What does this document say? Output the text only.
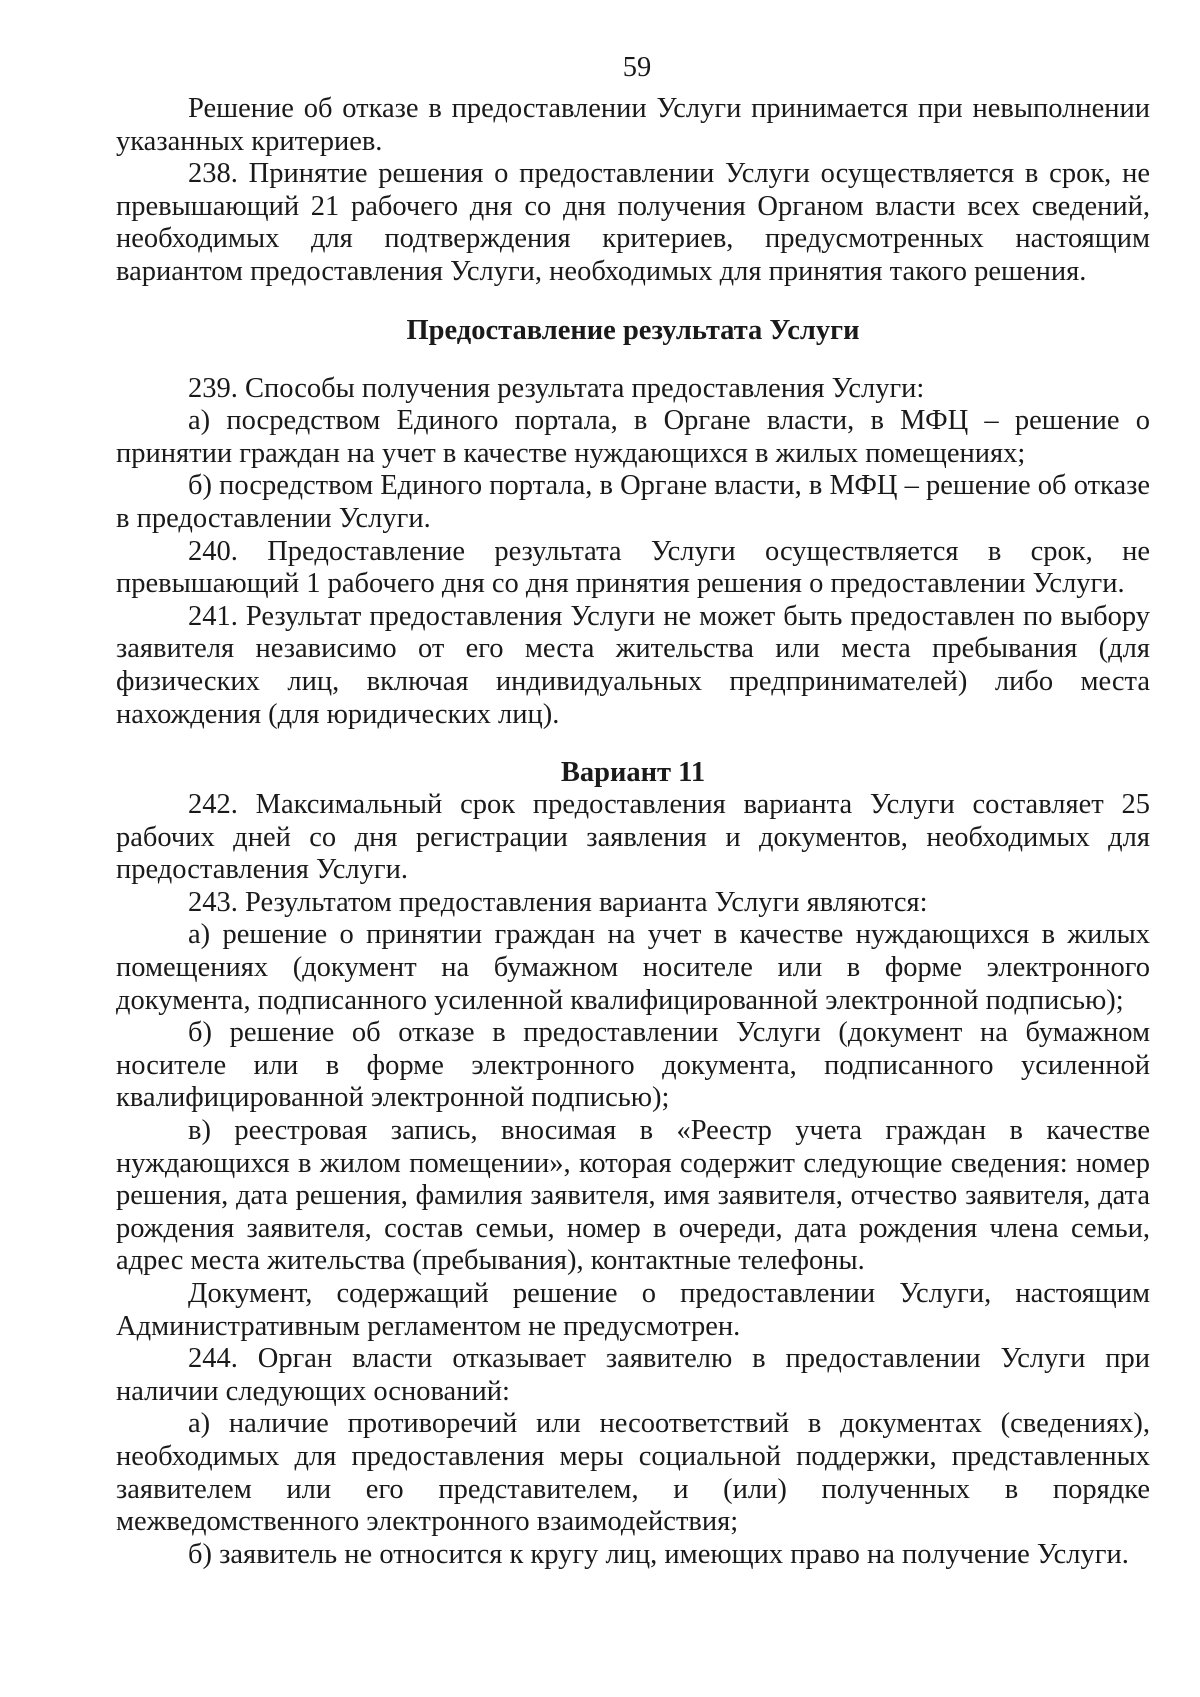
59

Решение об отказе в предоставлении Услуги принимается при невыполнении указанных критериев.

238. Принятие решения о предоставлении Услуги осуществляется в срок, не превышающий 21 рабочего дня со дня получения Органом власти всех сведений, необходимых для подтверждения критериев, предусмотренных настоящим вариантом предоставления Услуги, необходимых для принятия такого решения.

Предоставление результата Услуги

239. Способы получения результата предоставления Услуги:

а) посредством Единого портала, в Органе власти, в МФЦ – решение о принятии граждан на учет в качестве нуждающихся в жилых помещениях;

б) посредством Единого портала, в Органе власти, в МФЦ – решение об отказе в предоставлении Услуги.

240. Предоставление результата Услуги осуществляется в срок, не превышающий 1 рабочего дня со дня принятия решения о предоставлении Услуги.

241. Результат предоставления Услуги не может быть предоставлен по выбору заявителя независимо от его места жительства или места пребывания (для физических лиц, включая индивидуальных предпринимателей) либо места нахождения (для юридических лиц).

Вариант 11

242. Максимальный срок предоставления варианта Услуги составляет 25 рабочих дней со дня регистрации заявления и документов, необходимых для предоставления Услуги.

243. Результатом предоставления варианта Услуги являются:

а) решение о принятии граждан на учет в качестве нуждающихся в жилых помещениях (документ на бумажном носителе или в форме электронного документа, подписанного усиленной квалифицированной электронной подписью);

б) решение об отказе в предоставлении Услуги (документ на бумажном носителе или в форме электронного документа, подписанного усиленной квалифицированной электронной подписью);

в) реестровая запись, вносимая в «Реестр учета граждан в качестве нуждающихся в жилом помещении», которая содержит следующие сведения: номер решения, дата решения, фамилия заявителя, имя заявителя, отчество заявителя, дата рождения заявителя, состав семьи, номер в очереди, дата рождения члена семьи, адрес места жительства (пребывания), контактные телефоны.

Документ, содержащий решение о предоставлении Услуги, настоящим Административным регламентом не предусмотрен.

244. Орган власти отказывает заявителю в предоставлении Услуги при наличии следующих оснований:

а) наличие противоречий или несоответствий в документах (сведениях), необходимых для предоставления меры социальной поддержки, представленных заявителем или его представителем, и (или) полученных в порядке межведомственного электронного взаимодействия;

б) заявитель не относится к кругу лиц, имеющих право на получение Услуги.
